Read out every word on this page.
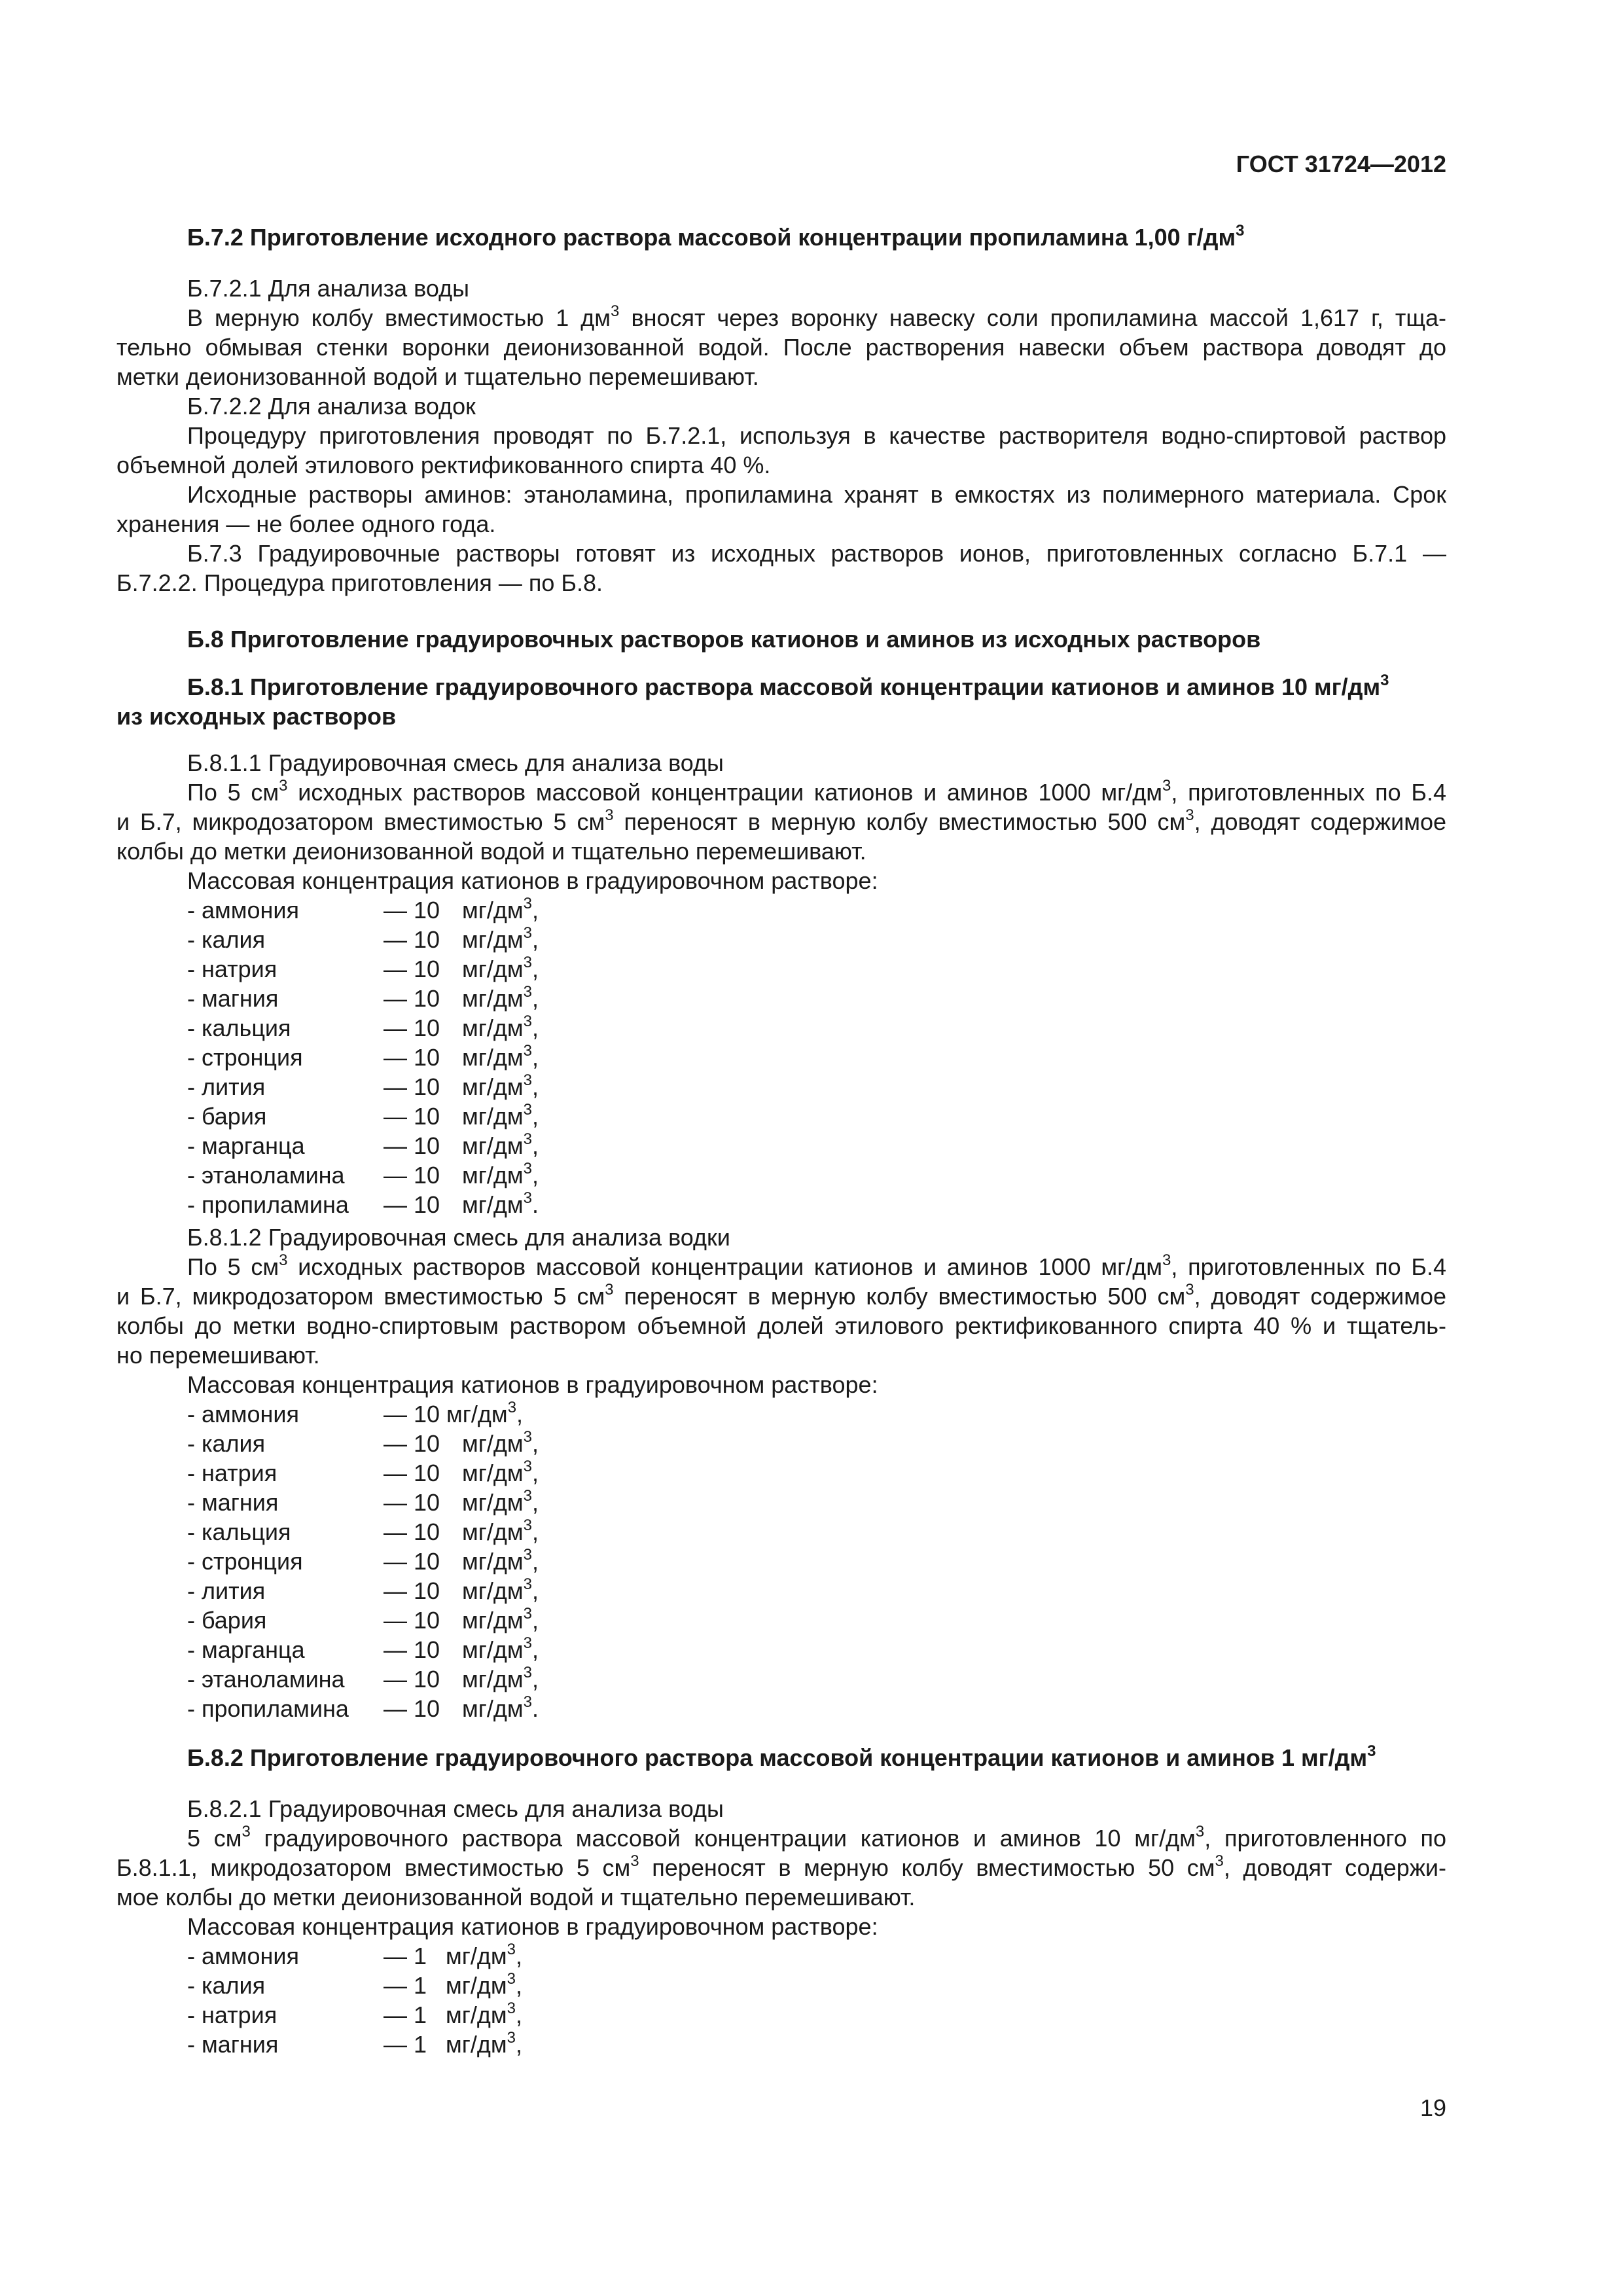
ГОСТ 31724—2012
Б.7.2 Приготовление исходного раствора массовой концентрации пропиламина 1,00 $г/дм^3$
Б.7.2.1 Для анализа воды
В мерную колбу вместимостью 1 $дм^3$ вносят через воронку навеску соли пропиламина массой 1,617 г, тща-
тельно обмывая стенки воронки деионизованной водой. После растворения навески объем раствора доводят до
метки деионизованной водой и тщательно перемешивают.
Б.7.2.2 Для анализа водок
Процедуру приготовления проводят по Б.7.2.1, используя в качестве растворителя водно-спиртовой раствор
объемной долей этилового ректификованного спирта 40 %.
Исходные растворы аминов: этаноламина, пропиламина хранят в емкостях из полимерного материала. Срок
хранения — не более одного года.
Б.7.3 Градуировочные растворы готовят из исходных растворов ионов, приготовленных согласно Б.7.1 —
Б.7.2.2. Процедура приготовления — по Б.8.
Б.8 Приготовление градуировочных растворов катионов и аминов из исходных растворов
Б.8.1 Приготовление градуировочного раствора массовой концентрации катионов и аминов 10 $мг/дм^3$
из исходных растворов
Б.8.1.1 Градуировочная смесь для анализа воды
По 5 $см^3$ исходных растворов массовой концентрации катионов и аминов 1000 $мг/дм^3$, приготовленных по Б.4
и Б.7, микродозатором вместимостью 5 $см^3$ переносят в мерную колбу вместимостью 500 $см^3$, доводят содержимое
колбы до метки деионизованной водой и тщательно перемешивают.
Массовая концентрация катионов в градуировочном растворе:
- аммония	— 10 $мг/дм^3$,
- калия	— 10 $мг/дм^3$,
- натрия	— 10 $мг/дм^3$,
- магния	— 10 $мг/дм^3$,
- кальция	— 10 $мг/дм^3$,
- стронция	— 10 $мг/дм^3$,
- лития	— 10 $мг/дм^3$,
- бария	— 10 $мг/дм^3$,
- марганца	— 10 $мг/дм^3$,
- этаноламина — 10 $мг/дм^3$,
- пропиламина — 10 $мг/дм^3$.
Б.8.1.2 Градуировочная смесь для анализа водки
По 5 $см^3$ исходных растворов массовой концентрации катионов и аминов 1000 $мг/дм^3$, приготовленных по Б.4
и Б.7, микродозатором вместимостью 5 $см^3$ переносят в мерную колбу вместимостью 500 $см^3$, доводят содержимое
колбы до метки водно-спиртовым раствором объемной долей этилового ректификованного спирта 40 % и тщатель-
но перемешивают.
Массовая концентрация катионов в градуировочном растворе:
- аммония	— 10 $мг/дм^3$,
- калия	— 10 $мг/дм^3$,
- натрия	— 10 $мг/дм^3$,
- магния	— 10 $мг/дм^3$,
- кальция	— 10 $мг/дм^3$,
- стронция	— 10 $мг/дм^3$,
- лития	— 10 $мг/дм^3$,
- бария	— 10 $мг/дм^3$,
- марганца	— 10 $мг/дм^3$,
- этаноламина — 10 $мг/дм^3$,
- пропиламина — 10 $мг/дм^3$.
Б.8.2 Приготовление градуировочного раствора массовой концентрации катионов и аминов 1 $мг/дм^3$
Б.8.2.1 Градуировочная смесь для анализа воды
5 $см^3$ градуировочного раствора массовой концентрации катионов и аминов 10 $мг/дм^3$, приготовленного по
Б.8.1.1, микродозатором вместимостью 5 $см^3$ переносят в мерную колбу вместимостью 50 $см^3$, доводят содержи-
мое колбы до метки деионизованной водой и тщательно перемешивают.
Массовая концентрация катионов в градуировочном растворе:
- аммония	— 1 $мг/дм^3$,
- калия	— 1 $мг/дм^3$,
- натрия	— 1 $мг/дм^3$,
- магния	— 1 $мг/дм^3$,
19
